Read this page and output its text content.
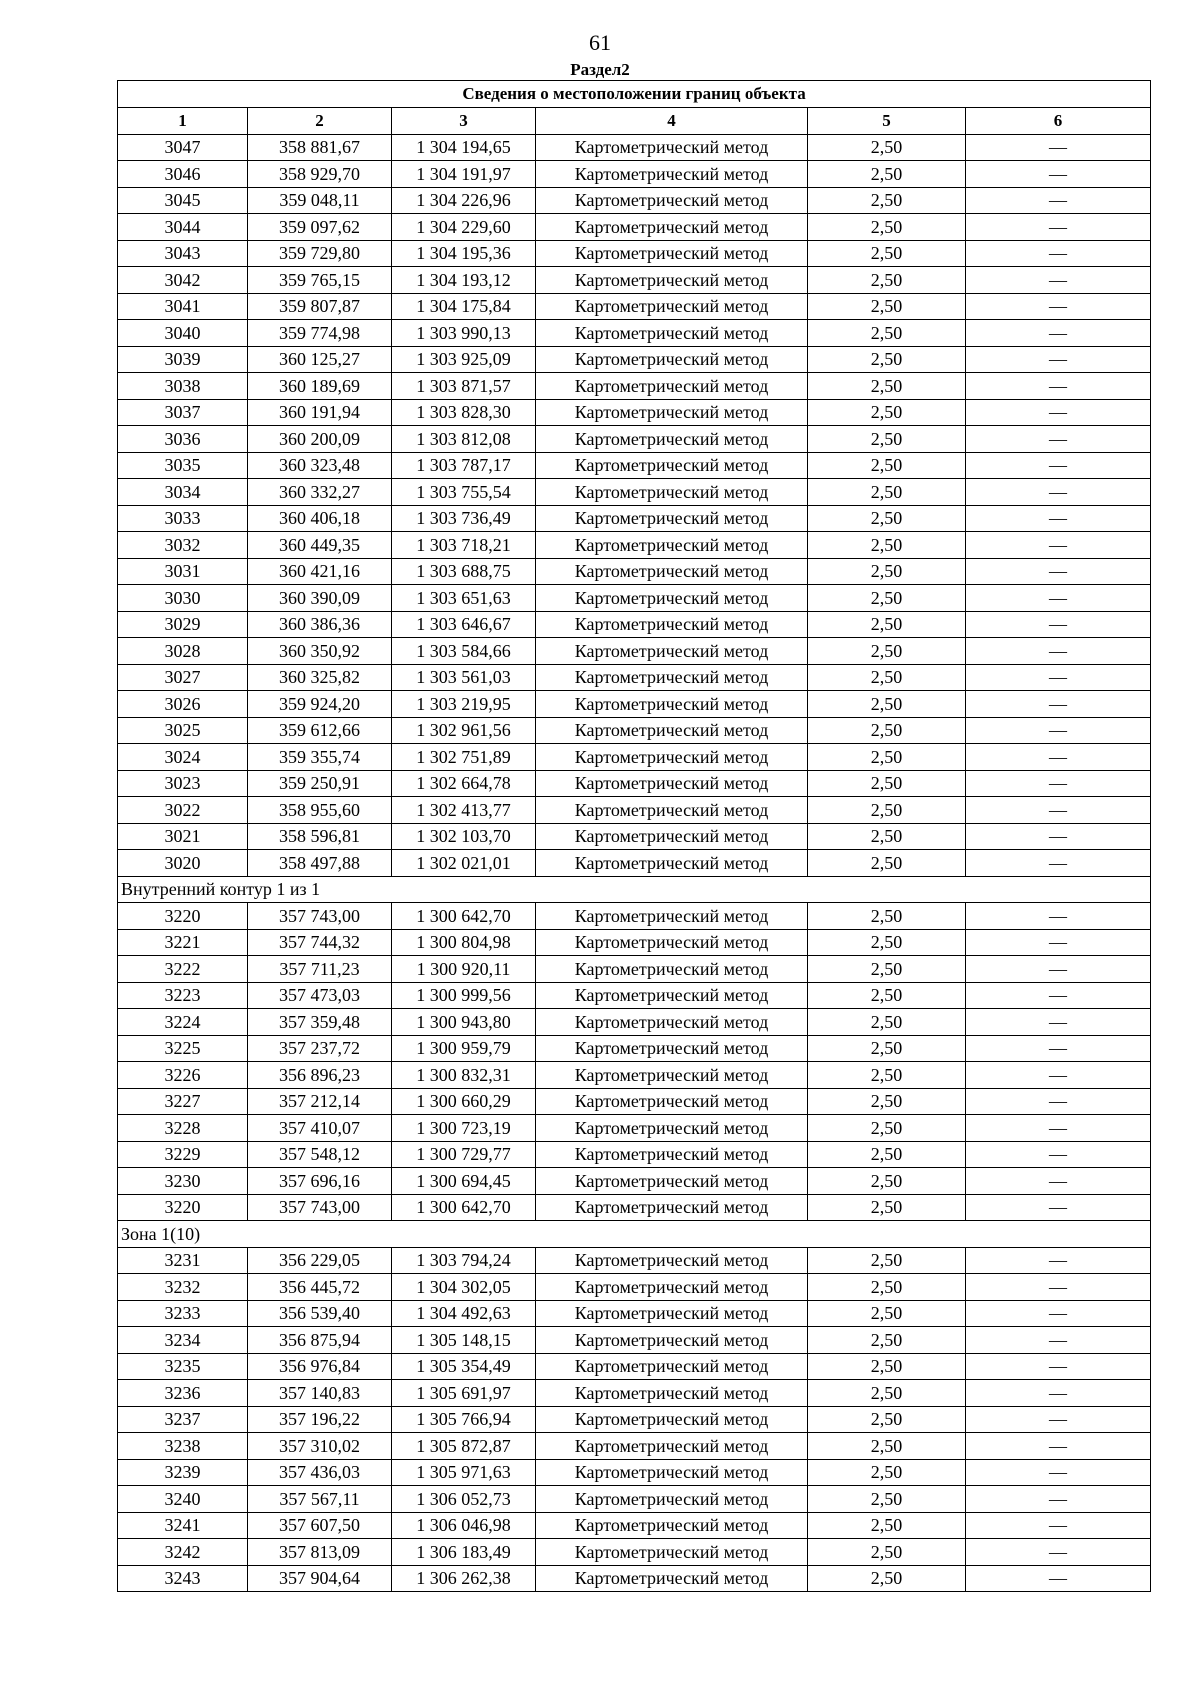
61
Раздел2
Сведения о местоположении границ объекта					
1	2	3	4	5	6
3047	358 881,67	1 304 194,65	Картометрический метод	2,50	—
3046	358 929,70	1 304 191,97	Картометрический метод	2,50	—
3045	359 048,11	1 304 226,96	Картометрический метод	2,50	—
3044	359 097,62	1 304 229,60	Картометрический метод	2,50	—
3043	359 729,80	1 304 195,36	Картометрический метод	2,50	—
3042	359 765,15	1 304 193,12	Картометрический метод	2,50	—
3041	359 807,87	1 304 175,84	Картометрический метод	2,50	—
3040	359 774,98	1 303 990,13	Картометрический метод	2,50	—
3039	360 125,27	1 303 925,09	Картометрический метод	2,50	—
3038	360 189,69	1 303 871,57	Картометрический метод	2,50	—
3037	360 191,94	1 303 828,30	Картометрический метод	2,50	—
3036	360 200,09	1 303 812,08	Картометрический метод	2,50	—
3035	360 323,48	1 303 787,17	Картометрический метод	2,50	—
3034	360 332,27	1 303 755,54	Картометрический метод	2,50	—
3033	360 406,18	1 303 736,49	Картометрический метод	2,50	—
3032	360 449,35	1 303 718,21	Картометрический метод	2,50	—
3031	360 421,16	1 303 688,75	Картометрический метод	2,50	—
3030	360 390,09	1 303 651,63	Картометрический метод	2,50	—
3029	360 386,36	1 303 646,67	Картометрический метод	2,50	—
3028	360 350,92	1 303 584,66	Картометрический метод	2,50	—
3027	360 325,82	1 303 561,03	Картометрический метод	2,50	—
3026	359 924,20	1 303 219,95	Картометрический метод	2,50	—
3025	359 612,66	1 302 961,56	Картометрический метод	2,50	—
3024	359 355,74	1 302 751,89	Картометрический метод	2,50	—
3023	359 250,91	1 302 664,78	Картометрический метод	2,50	—
3022	358 955,60	1 302 413,77	Картометрический метод	2,50	—
3021	358 596,81	1 302 103,70	Картометрический метод	2,50	—
3020	358 497,88	1 302 021,01	Картометрический метод	2,50	—
Внутренний контур 1 из 1					
3220	357 743,00	1 300 642,70	Картометрический метод	2,50	—
3221	357 744,32	1 300 804,98	Картометрический метод	2,50	—
3222	357 711,23	1 300 920,11	Картометрический метод	2,50	—
3223	357 473,03	1 300 999,56	Картометрический метод	2,50	—
3224	357 359,48	1 300 943,80	Картометрический метод	2,50	—
3225	357 237,72	1 300 959,79	Картометрический метод	2,50	—
3226	356 896,23	1 300 832,31	Картометрический метод	2,50	—
3227	357 212,14	1 300 660,29	Картометрический метод	2,50	—
3228	357 410,07	1 300 723,19	Картометрический метод	2,50	—
3229	357 548,12	1 300 729,77	Картометрический метод	2,50	—
3230	357 696,16	1 300 694,45	Картометрический метод	2,50	—
3220	357 743,00	1 300 642,70	Картометрический метод	2,50	—
Зона 1(10)					
3231	356 229,05	1 303 794,24	Картометрический метод	2,50	—
3232	356 445,72	1 304 302,05	Картометрический метод	2,50	—
3233	356 539,40	1 304 492,63	Картометрический метод	2,50	—
3234	356 875,94	1 305 148,15	Картометрический метод	2,50	—
3235	356 976,84	1 305 354,49	Картометрический метод	2,50	—
3236	357 140,83	1 305 691,97	Картометрический метод	2,50	—
3237	357 196,22	1 305 766,94	Картометрический метод	2,50	—
3238	357 310,02	1 305 872,87	Картометрический метод	2,50	—
3239	357 436,03	1 305 971,63	Картометрический метод	2,50	—
3240	357 567,11	1 306 052,73	Картометрический метод	2,50	—
3241	357 607,50	1 306 046,98	Картометрический метод	2,50	—
3242	357 813,09	1 306 183,49	Картометрический метод	2,50	—
3243	357 904,64	1 306 262,38	Картометрический метод	2,50	—
